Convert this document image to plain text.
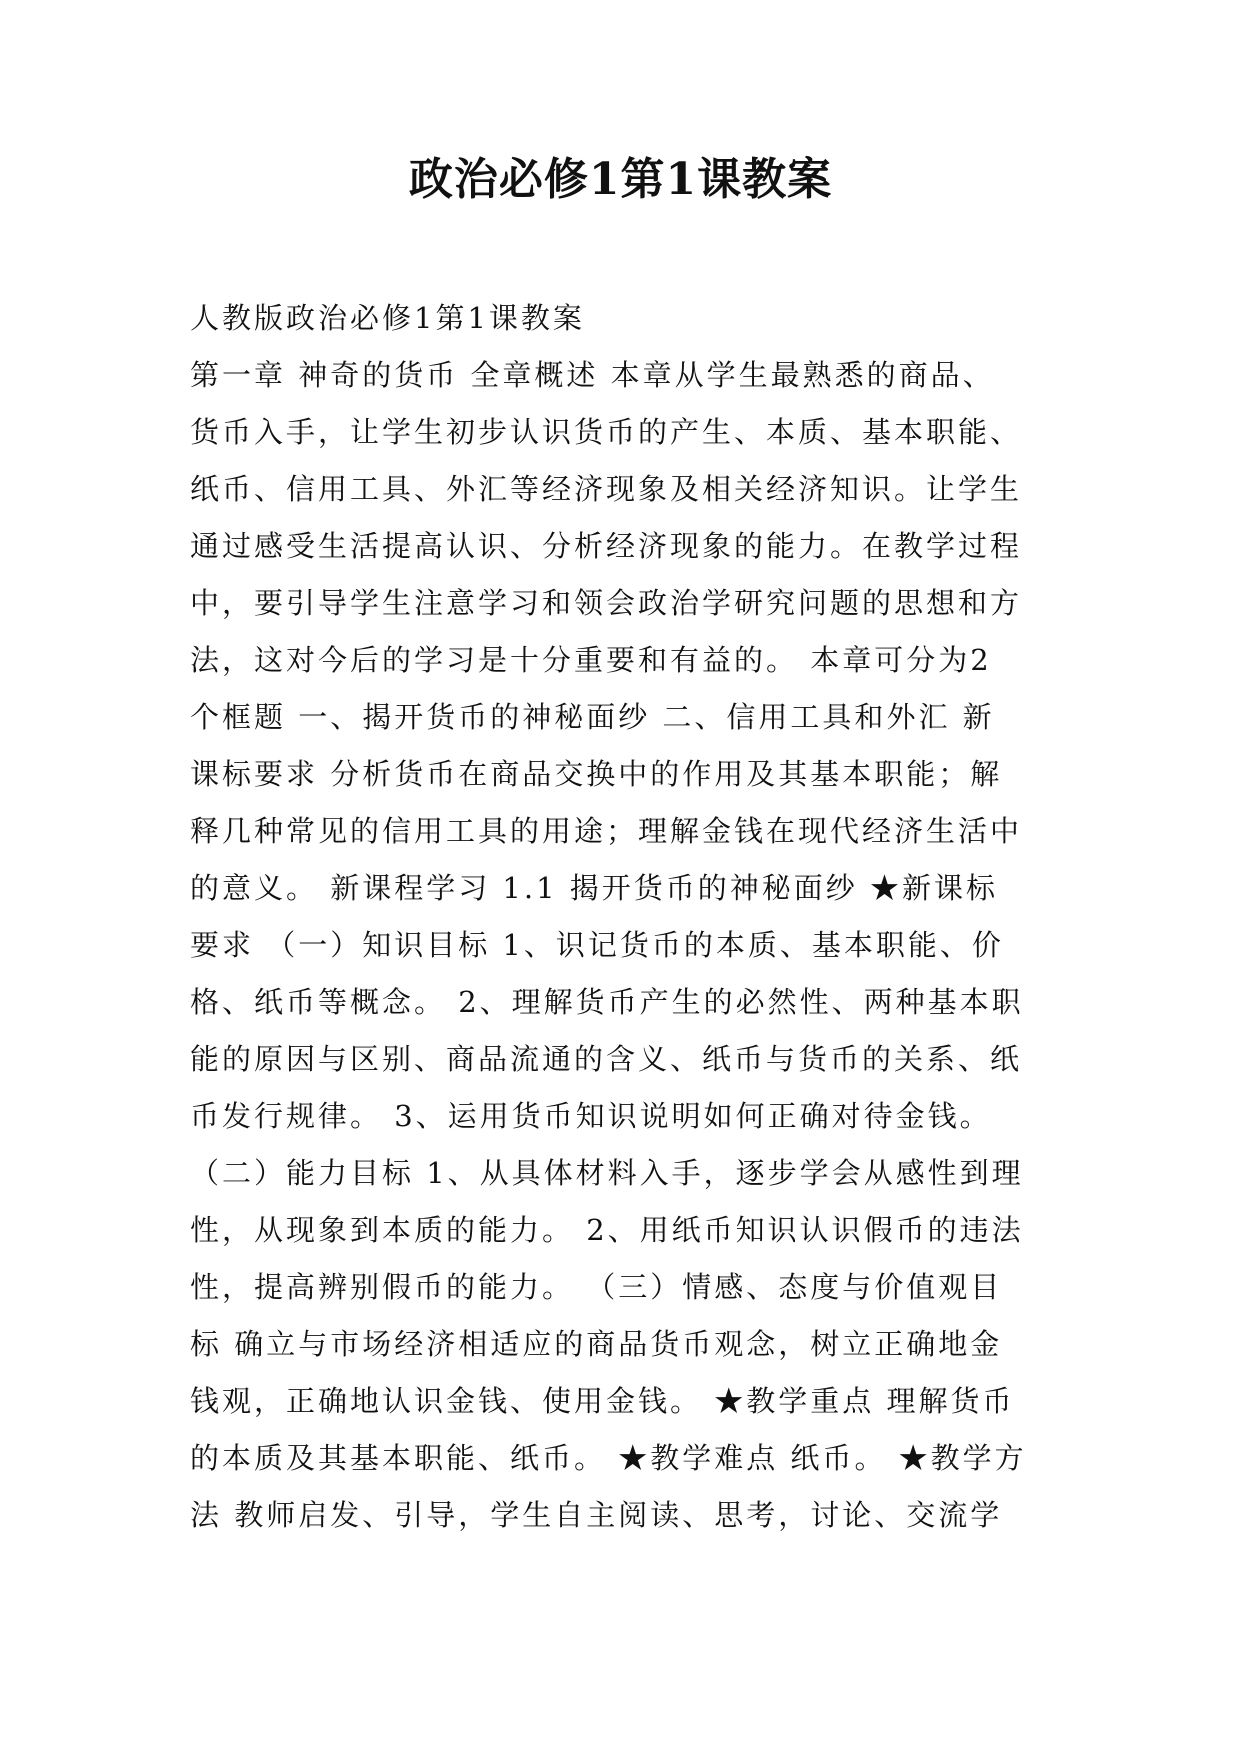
政治必修1第1课教案
人教版政治必修1第1课教案
第一章 神奇的货币 全章概述 本章从学生最熟悉的商品、
货币入手，让学生初步认识货币的产生、本质、基本职能、
纸币、信用工具、外汇等经济现象及相关经济知识。让学生
通过感受生活提高认识、分析经济现象的能力。在教学过程
中，要引导学生注意学习和领会政治学研究问题的思想和方
法，这对今后的学习是十分重要和有益的。 本章可分为2
个框题 一、揭开货币的神秘面纱 二、信用工具和外汇 新
课标要求 分析货币在商品交换中的作用及其基本职能；解
释几种常见的信用工具的用途；理解金钱在现代经济生活中
的意义。 新课程学习 1.1 揭开货币的神秘面纱 ★新课标
要求 （一）知识目标 1、识记货币的本质、基本职能、价
格、纸币等概念。 2、理解货币产生的必然性、两种基本职
能的原因与区别、商品流通的含义、纸币与货币的关系、纸
币发行规律。 3、运用货币知识说明如何正确对待金钱。
（二）能力目标 1、从具体材料入手，逐步学会从感性到理
性，从现象到本质的能力。 2、用纸币知识认识假币的违法
性，提高辨别假币的能力。 （三）情感、态度与价值观目
标 确立与市场经济相适应的商品货币观念，树立正确地金
钱观，正确地认识金钱、使用金钱。 ★教学重点 理解货币
的本质及其基本职能、纸币。 ★教学难点 纸币。 ★教学方
法 教师启发、引导，学生自主阅读、思考，讨论、交流学
